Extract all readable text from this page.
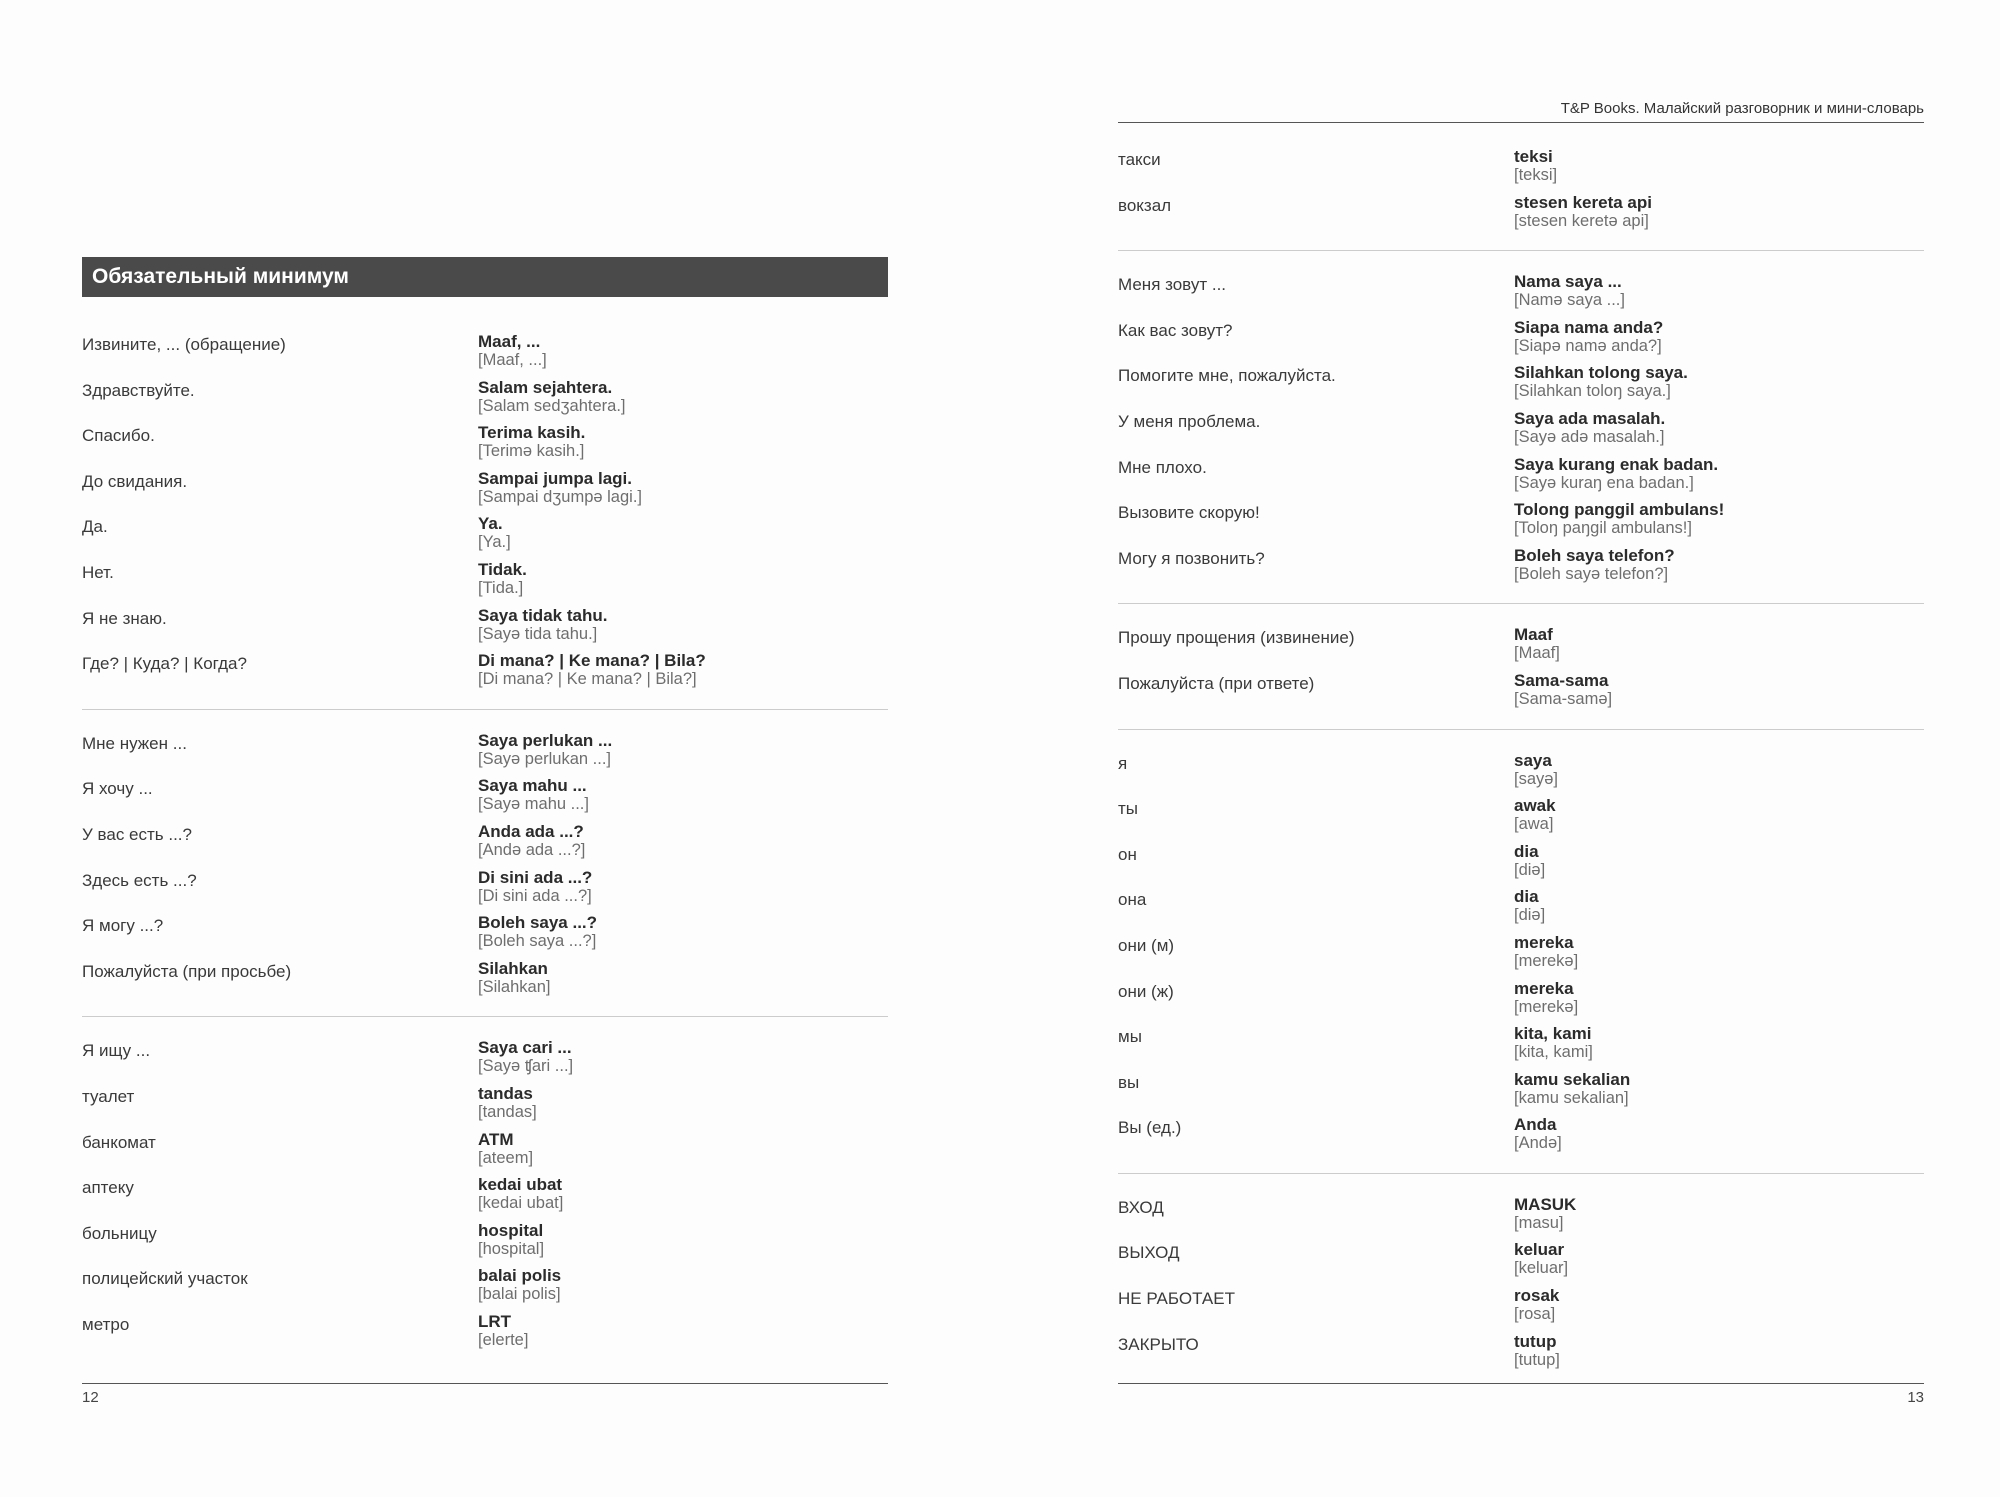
Обязательный минимум
Извините, ... (обращение)	Maaf, ...
[Maaf, ...]
Здравствуйте.	Salam sejahtera.
[Salam sedʒahtera.]
Спасибо.	Terima kasih.
[Terimə kasih.]
До свидания.	Sampai jumpa lagi.
[Sampai dʒumpə lagi.]
Да.	Ya.
[Ya.]
Нет.	Tidak.
[Tida.]
Я не знаю.	Saya tidak tahu.
[Sayə tida tahu.]
Где? | Куда? | Когда?	Di mana? | Ke mana? | Bila?
[Di mana? | Ke mana? | Bila?]
Мне нужен ...	Saya perlukan ...
[Sayə perlukan ...]
Я хочу ...	Saya mahu ...
[Sayə mahu ...]
У вас есть ...?	Anda ada ...?
[Andə ada ...?]
Здесь есть ...?	Di sini ada ...?
[Di sini ada ...?]
Я могу ...?	Boleh saya ...?
[Boleh saya ...?]
Пожалуйста (при просьбе)	Silahkan
[Silahkan]
Я ищу ...	Saya cari ...
[Sayə ʧari ...]
туалет	tandas
[tandas]
банкомат	ATM
[ateem]
аптеку	kedai ubat
[kedai ubat]
больницу	hospital
[hospital]
полицейский участок	balai polis
[balai polis]
метро	LRT
[elerte]
12
T&P Books. Малайский разговорник и мини-словарь
такси	teksi
[teksi]
вокзал	stesen kereta api
[stesen keretə api]
Меня зовут ...	Nama saya ...
[Namə saya ...]
Как вас зовут?	Siapa nama anda?
[Siapə namə anda?]
Помогите мне, пожалуйста.	Silahkan tolong saya.
[Silahkan toloŋ saya.]
У меня проблема.	Saya ada masalah.
[Sayə adə masalah.]
Мне плохо.	Saya kurang enak badan.
[Sayə kuraŋ ena badan.]
Вызовите скорую!	Tolong panggil ambulans!
[Toloŋ paŋgil ambulans!]
Могу я позвонить?	Boleh saya telefon?
[Boleh sayə telefon?]
Прошу прощения (извинение)	Maaf
[Maaf]
Пожалуйста (при ответе)	Sama-sama
[Sama-samə]
я	saya
[sayə]
ты	awak
[awa]
он	dia
[diə]
она	dia
[diə]
они (м)	mereka
[merekə]
они (ж)	mereka
[merekə]
мы	kita, kami
[kita, kami]
вы	kamu sekalian
[kamu sekalian]
Вы (ед.)	Anda
[Andə]
ВХОД	MASUK
[masu]
ВЫХОД	keluar
[keluar]
НЕ РАБОТАЕТ	rosak
[rosa]
ЗАКРЫТО	tutup
[tutup]
13
